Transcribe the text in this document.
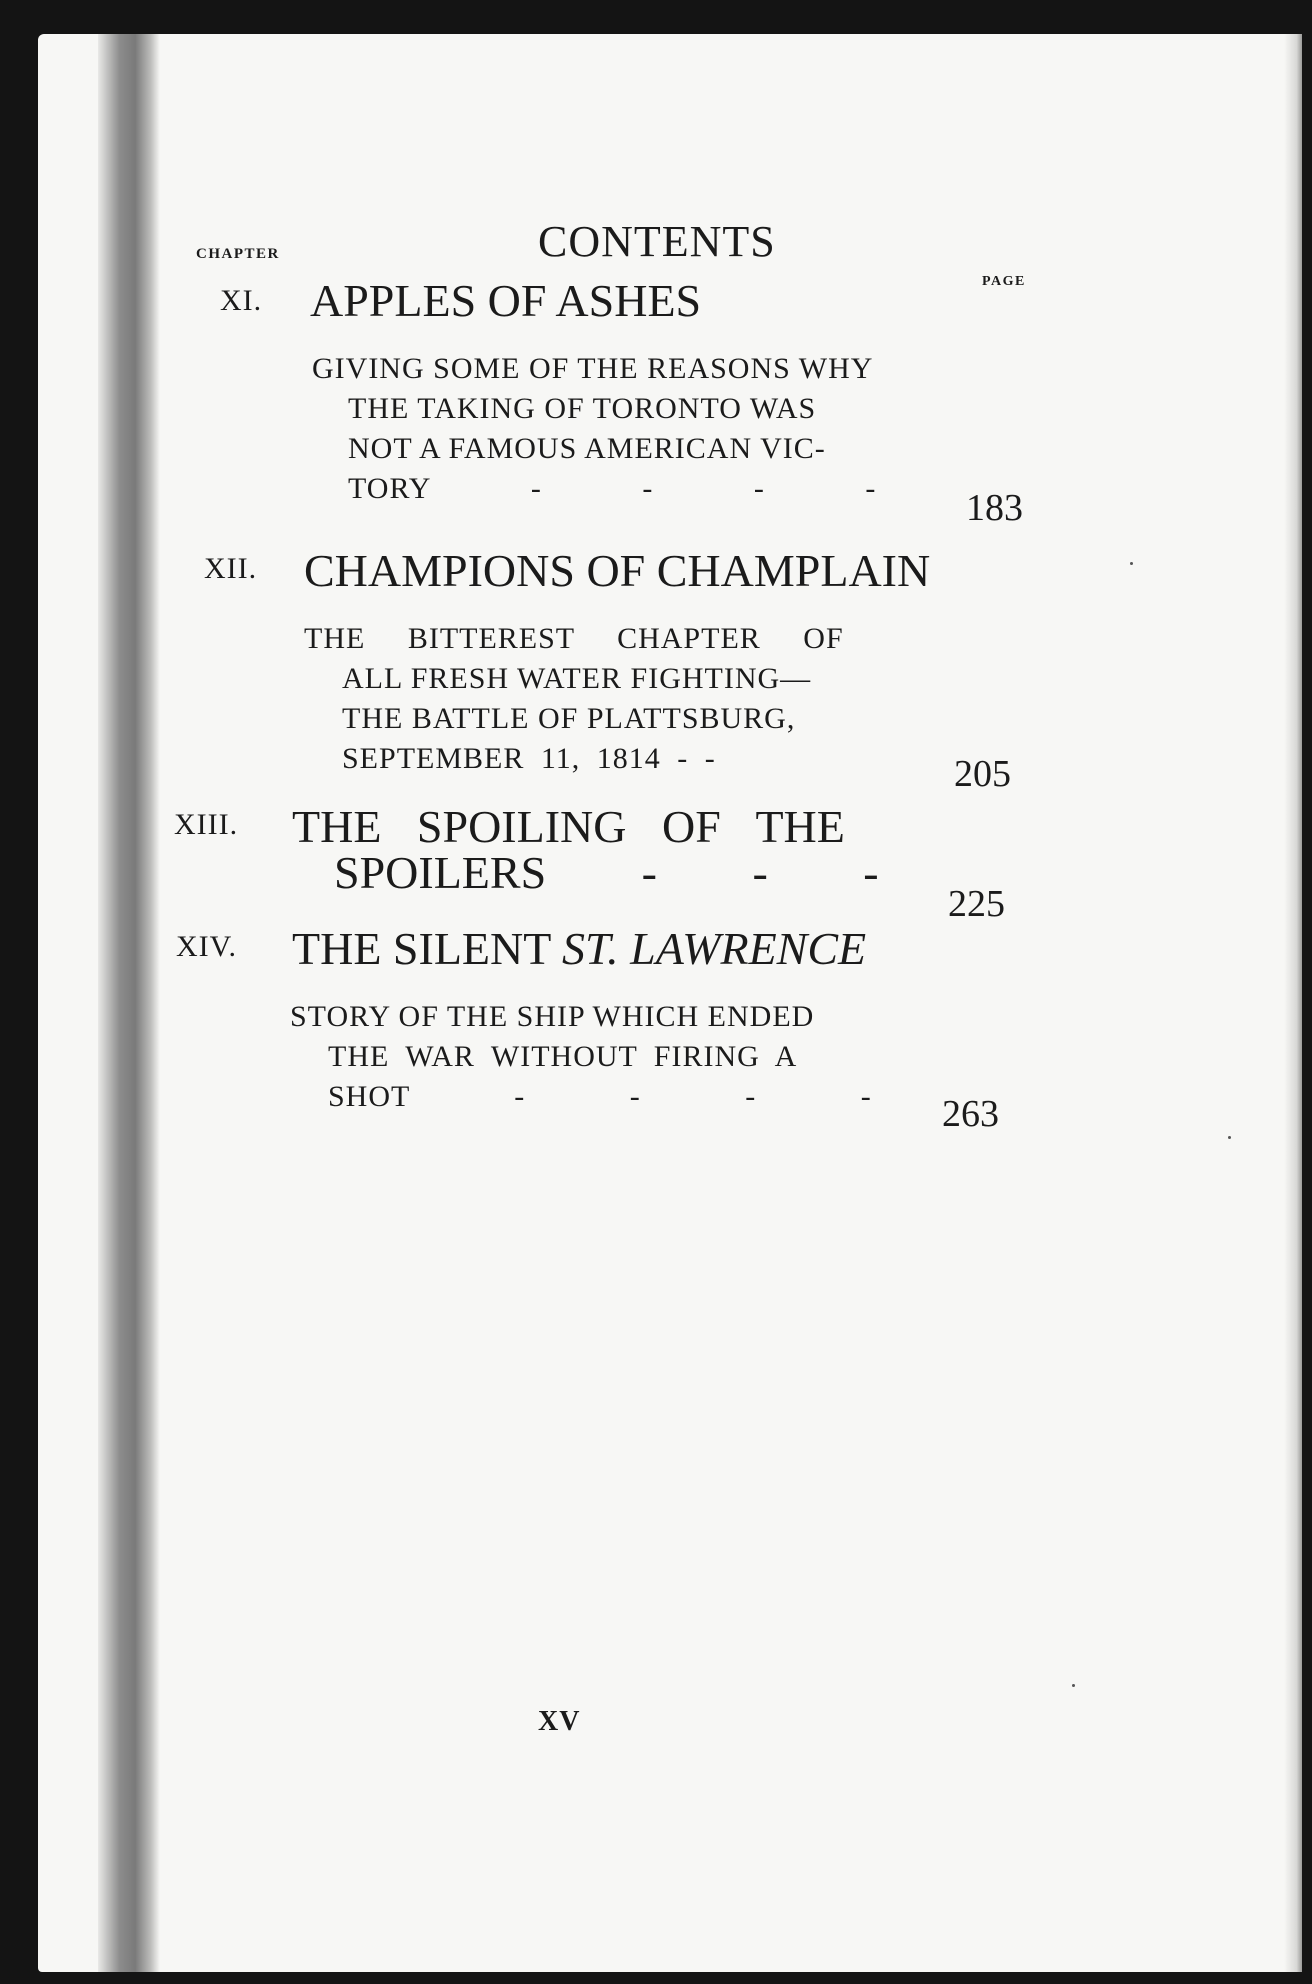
CONTENTS
CHAPTER
PAGE
XI. APPLES OF ASHES
GIVING SOME OF THE REASONS WHY
THE TAKING OF TORONTO WAS
NOT A FAMOUS AMERICAN VIC-
TORY - - - - 183
XII. CHAMPIONS OF CHAMPLAIN
THE BITTEREST CHAPTER OF
ALL FRESH WATER FIGHTING—
THE BATTLE OF PLATTSBURG,
SEPTEMBER 11, 1814 - -	205
XIII. THE SPOILING OF THE
SPOILERS - - -
225
XIV. THE SILENT ST. LAWRENCE
STORY OF THE SHIP WHICH ENDED
THE WAR WITHOUT FIRING A
SHOT - - - - 263
XV
